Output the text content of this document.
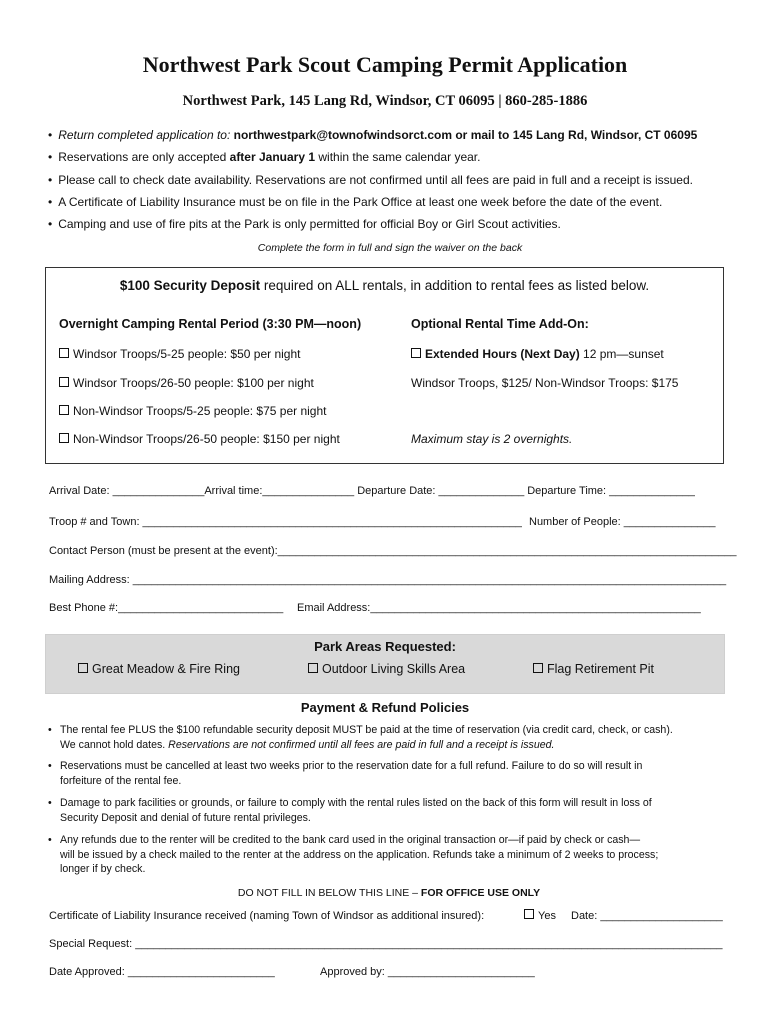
Northwest Park Scout Camping Permit Application
Northwest Park, 145 Lang Rd, Windsor, CT 06095 | 860-285-1886
• Return completed application to: northwestpark@townofwindsorct.com or mail to 145 Lang Rd, Windsor, CT 06095
• Reservations are only accepted after January 1 within the same calendar year.
• Please call to check date availability. Reservations are not confirmed until all fees are paid in full and a receipt is issued.
• A Certificate of Liability Insurance must be on file in the Park Office at least one week before the date of the event.
• Camping and use of fire pits at the Park is only permitted for official Boy or Girl Scout activities.
Complete the form in full and sign the waiver on the back
$100 Security Deposit required on ALL rentals, in addition to rental fees as listed below.
Overnight Camping Rental Period (3:30 PM—noon)	Optional Rental Time Add-On:
Windsor Troops/5-25 people: $50 per night
Windsor Troops/26-50 people: $100 per night
Non-Windsor Troops/5-25 people: $75 per night
Non-Windsor Troops/26-50 people: $150 per night
Extended Hours (Next Day) 12 pm—sunset
Windsor Troops, $125/ Non-Windsor Troops: $175
Maximum stay is 2 overnights.
Arrival Date: _______________Arrival time:_______________ Departure Date: ______________ Departure Time: ______________
Troop # and Town: ______________________________________________________________ Number of People: _______________
Contact Person (must be present at the event):___________________________________________________________________________
Mailing Address: _________________________________________________________________________________________________
Best Phone #:___________________________ Email Address:______________________________________________________
Park Areas Requested:
Great Meadow & Fire Ring	Outdoor Living Skills Area	Flag Retirement Pit
Payment & Refund Policies
• The rental fee PLUS the $100 refundable security deposit MUST be paid at the time of reservation (via credit card, check, or cash).
We cannot hold dates. Reservations are not confirmed until all fees are paid in full and a receipt is issued.
• Reservations must be cancelled at least two weeks prior to the reservation date for a full refund. Failure to do so will result in
forfeiture of the rental fee.
• Damage to park facilities or grounds, or failure to comply with the rental rules listed on the back of this form will result in loss of
Security Deposit and denial of future rental privileges.
• Any refunds due to the renter will be credited to the bank card used in the original transaction or—if paid by check or cash—
will be issued by a check mailed to the renter at the address on the application. Refunds take a minimum of 2 weeks to process;
longer if by check.
DO NOT FILL IN BELOW THIS LINE – FOR OFFICE USE ONLY
Certificate of Liability Insurance received (naming Town of Windsor as additional insured):	Yes Date: ____________________
Special Request: ________________________________________________________________________________________________
Date Approved: ________________________	Approved by: ________________________
